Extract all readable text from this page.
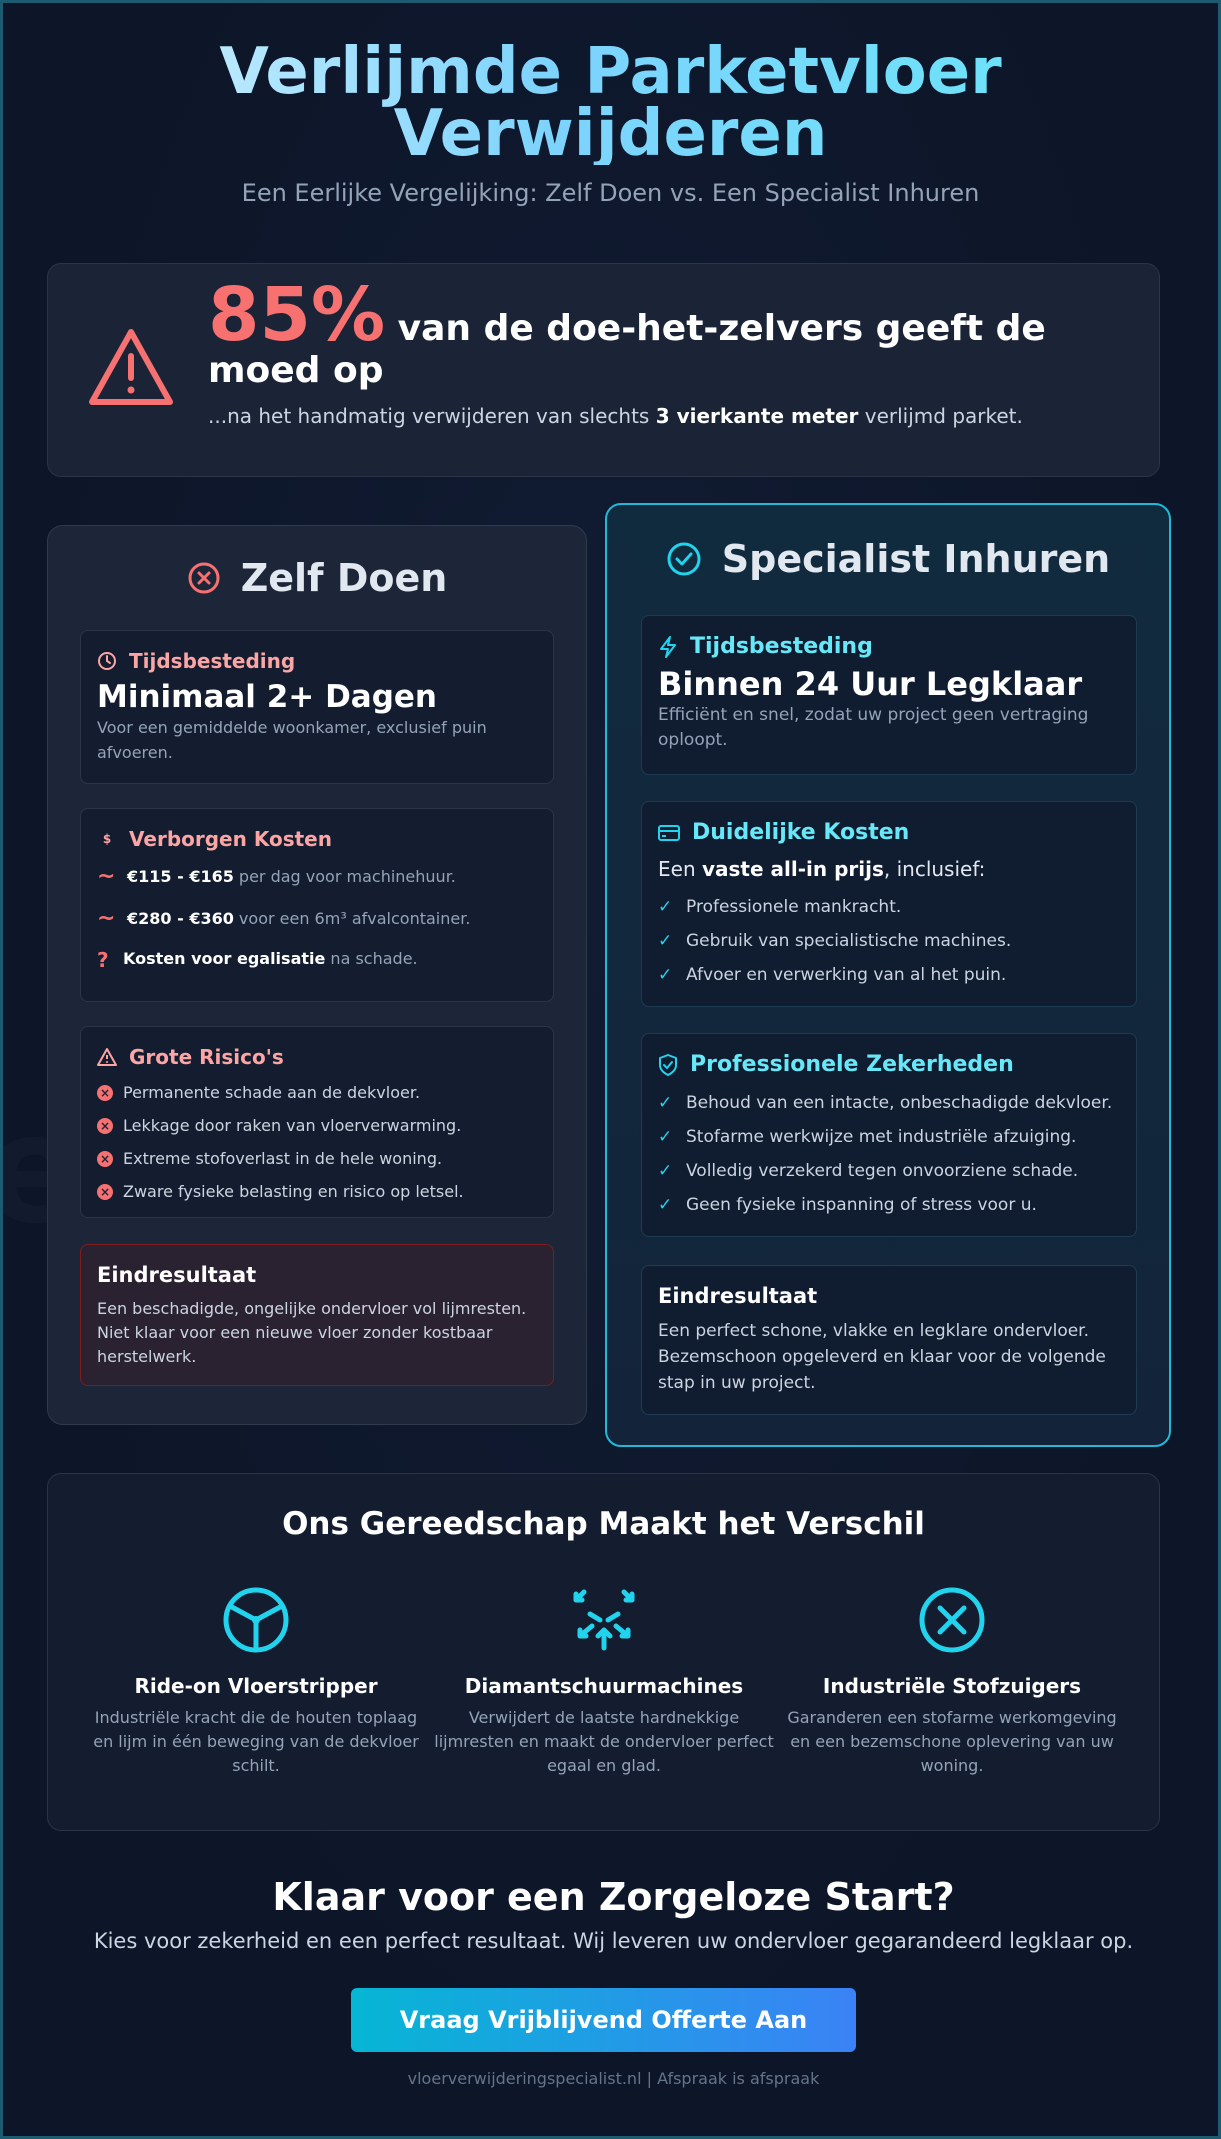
Verlijmde Parketvloer
Verwijderen
Een Eerlijke Vergelijking: Zelf Doen vs. Een Specialist Inhuren
85% van de doe-het-zelvers geeft de moed op
...na het handmatig verwijderen van slechts 3 vierkante meter verlijmd parket.
Zelf Doen
Tijdsbesteding
Minimaal 2+ Dagen
Voor een gemiddelde woonkamer, exclusief puin afvoeren.
$ Verborgen Kosten
~ €115 - €165 per dag voor machinehuur.
~ €280 - €360 voor een 6m³ afvalcontainer.
? Kosten voor egalisatie na schade.
Grote Risico's
× Permanente schade aan de dekvloer.
× Lekkage door raken van vloerverwarming.
× Extreme stofoverlast in de hele woning.
× Zware fysieke belasting en risico op letsel.
Eindresultaat
Een beschadigde, ongelijke ondervloer vol lijmresten. Niet klaar voor een nieuwe vloer zonder kostbaar herstelwerk.
Specialist Inhuren
Tijdsbesteding
Binnen 24 Uur Legklaar
Efficiënt en snel, zodat uw project geen vertraging oploopt.
Duidelijke Kosten
Een vaste all-in prijs, inclusief:
✓ Professionele mankracht.
✓ Gebruik van specialistische machines.
✓ Afvoer en verwerking van al het puin.
Professionele Zekerheden
✓ Behoud van een intacte, onbeschadigde dekvloer.
✓ Stofarme werkwijze met industriële afzuiging.
✓ Volledig verzekerd tegen onvoorziene schade.
✓ Geen fysieke inspanning of stress voor u.
Eindresultaat
Een perfect schone, vlakke en legklare ondervloer. Bezemschoon opgeleverd en klaar voor de volgende stap in uw project.
Ons Gereedschap Maakt het Verschil
Ride-on Vloerstripper
Industriële kracht die de houten toplaag en lijm in één beweging van de dekvloer schilt.
Diamantschuurmachines
Verwijdert de laatste hardnekkige lijmresten en maakt de ondervloer perfect egaal en glad.
Industriële Stofzuigers
Garanderen een stofarme werkomgeving en een bezemschone oplevering van uw woning.
Klaar voor een Zorgeloze Start?
Kies voor zekerheid en een perfect resultaat. Wij leveren uw ondervloer gegarandeerd legklaar op.
Vraag Vrijblijvend Offerte Aan
vloerverwijderingspecialist.nl | Afspraak is afspraak
